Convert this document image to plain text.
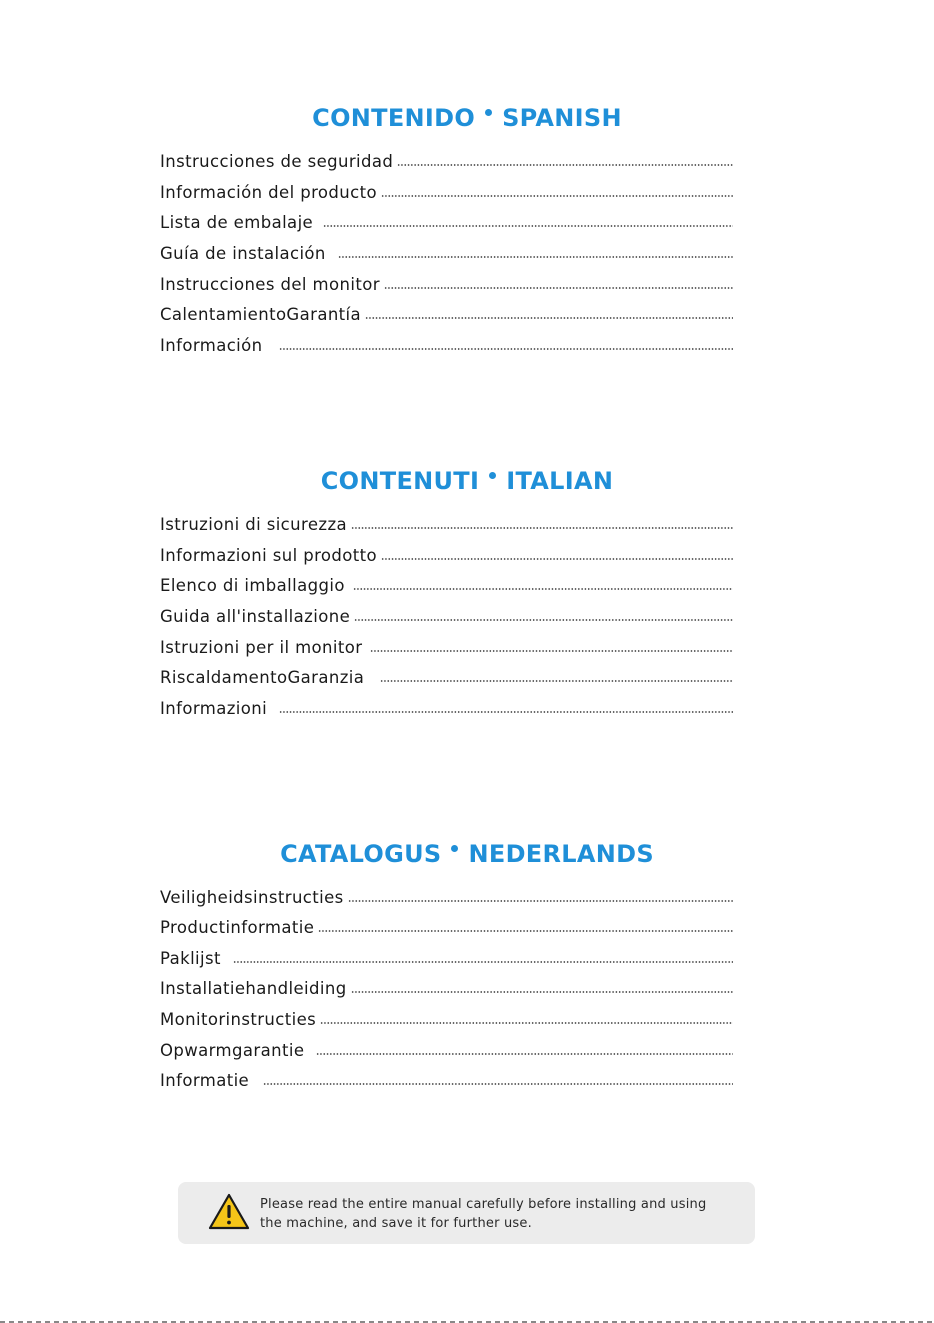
CONTENIDO SPANISH
Instrucciones de seguridad
Información del producto
Lista de embalaje
Guía de instalación
Instrucciones del monitor
CalentamientoGarantía
Información
CONTENUTI ITALIAN
Istruzioni di sicurezza
Informazioni sul prodotto
Elenco di imballaggio
Guida all'installazione
Istruzioni per il monitor
RiscaldamentoGaranzia
Informazioni
CATALOGUS NEDERLANDS
Veiligheidsinstructies
Productinformatie
Paklijst
Installatiehandleiding
Monitorinstructies
Opwarmgarantie
Informatie
Please read the entire manual carefully before installing and using
the machine, and save it for further use.
